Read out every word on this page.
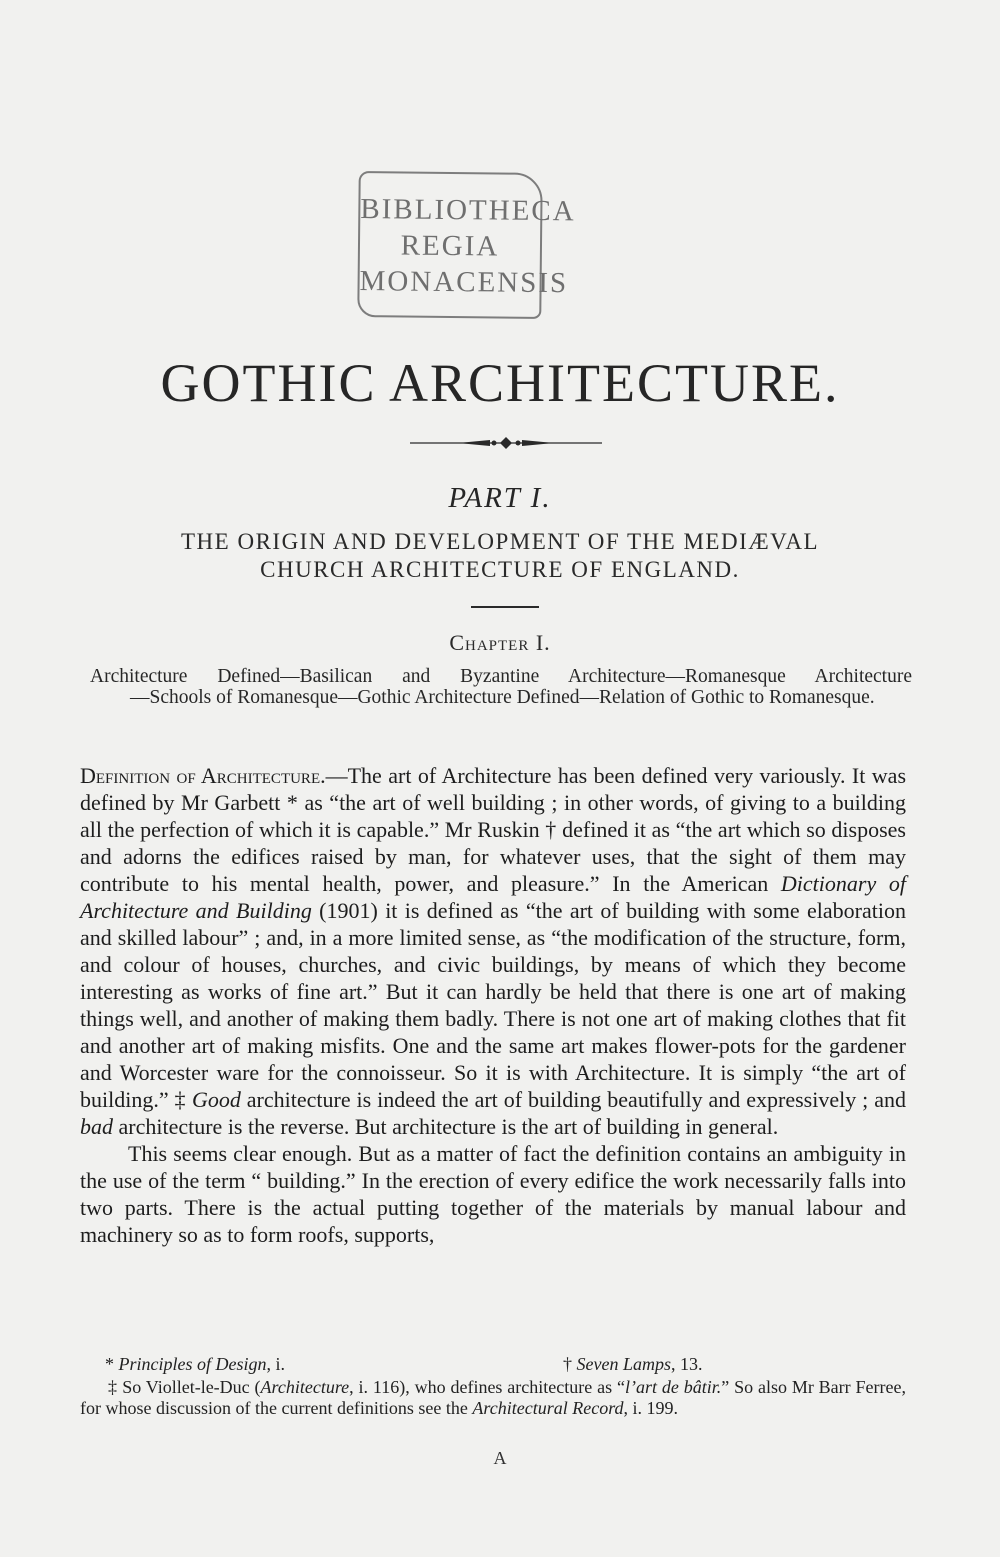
BIBLIOTHECA
REGIA
MONACENSIS
GOTHIC ARCHITECTURE.
PART I.
THE ORIGIN AND DEVELOPMENT OF THE MEDIÆVAL
CHURCH ARCHITECTURE OF ENGLAND.
Chapter I.
Architecture Defined—Basilican and Byzantine Architecture—Romanesque Architecture
—Schools of Romanesque—Gothic Architecture Defined—Relation of Gothic to Romanesque.

Definition of Architecture.—The art of Architecture has been defined very variously. It was defined by Mr Garbett * as “the art of well building ; in other words, of giving to a building all the perfection of which it is capable.” Mr Ruskin † defined it as “the art which so disposes and adorns the edifices raised by man, for whatever uses, that the sight of them may contribute to his mental health, power, and pleasure.” In the American Dictionary of Architecture and Building (1901) it is defined as “the art of building with some elaboration and skilled labour” ; and, in a more limited sense, as “the modification of the structure, form, and colour of houses, churches, and civic buildings, by means of which they become interesting as works of fine art.” But it can hardly be held that there is one art of making things well, and another of making them badly. There is not one art of making clothes that fit and another art of making misfits. One and the same art makes flower-pots for the gardener and Worcester ware for the connoisseur. So it is with Architecture. It is simply “the art of building.” ‡ Good architecture is indeed the art of building beautifully and expressively ; and bad architecture is the reverse. But architecture is the art of building in general.

This seems clear enough. But as a matter of fact the definition contains an ambiguity in the use of the term “ building.” In the erection of every edifice the work necessarily falls into two parts. There is the actual putting together of the materials by manual labour and machinery so as to form roofs, supports,

* Principles of Design, i.	† Seven Lamps, 13.
‡ So Viollet-le-Duc (Architecture, i. 116), who defines architecture as “l’art de bâtir.” So also Mr Barr Ferree, for whose discussion of the current definitions see the Architectural Record, i. 199.
A
